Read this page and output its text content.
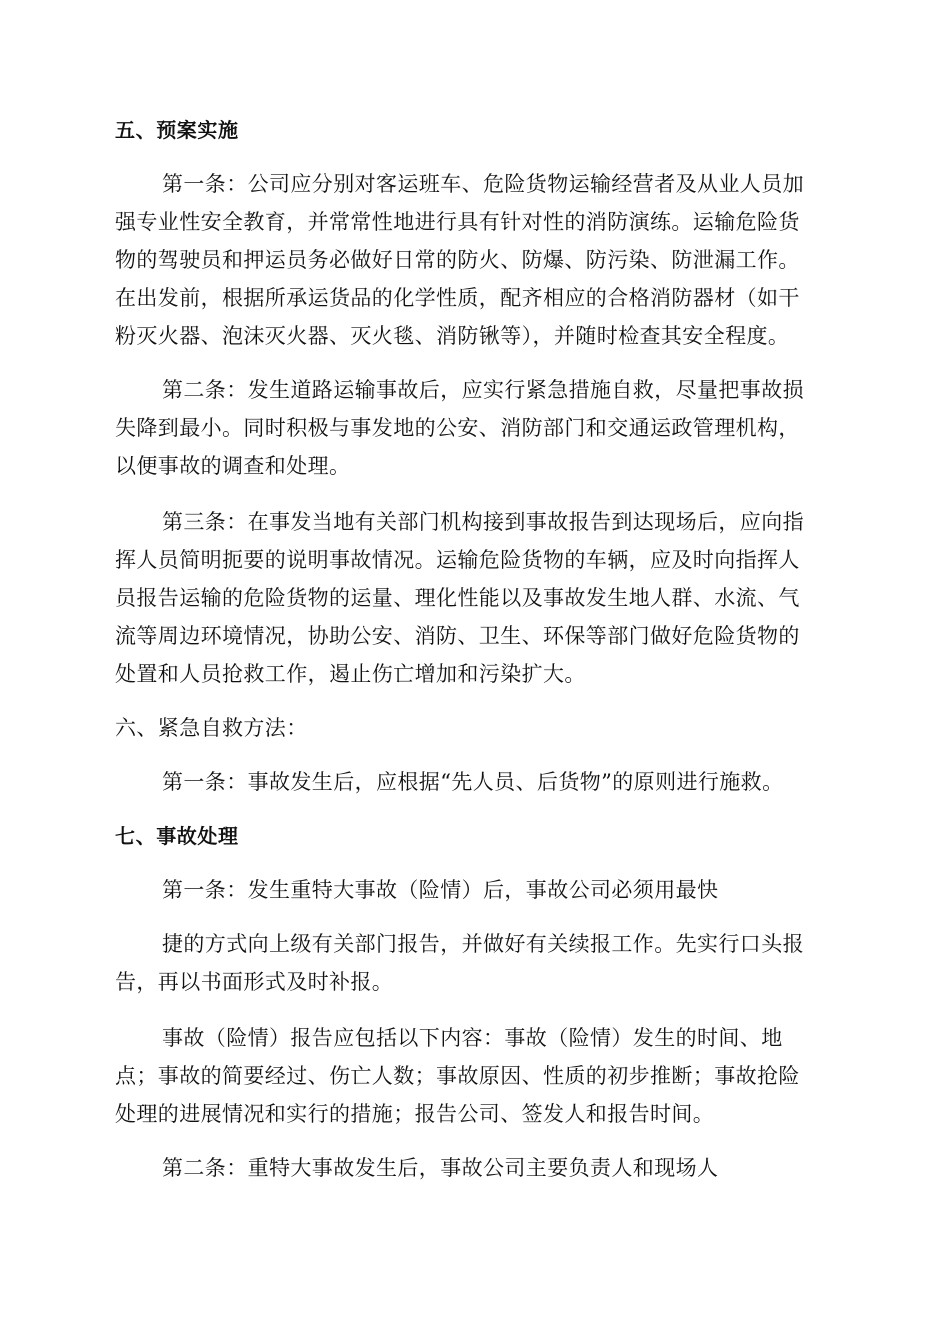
五、预案实施
第一条：公司应分别对客运班车、危险货物运输经营者及从业人员加
强专业性安全教育，并常常性地进行具有针对性的消防演练。运输危险货
物的驾驶员和押运员务必做好日常的防火、防爆、防污染、防泄漏工作。
在出发前，根据所承运货品的化学性质，配齐相应的合格消防器材（如干
粉灭火器、泡沫灭火器、灭火毯、消防锹等），并随时检查其安全程度。
第二条：发生道路运输事故后，应实行紧急措施自救，尽量把事故损
失降到最小。同时积极与事发地的公安、消防部门和交通运政管理机构，
以便事故的调查和处理。
第三条：在事发当地有关部门机构接到事故报告到达现场后，应向指
挥人员简明扼要的说明事故情况。运输危险货物的车辆，应及时向指挥人
员报告运输的危险货物的运量、理化性能以及事故发生地人群、水流、气
流等周边环境情况，协助公安、消防、卫生、环保等部门做好危险货物的
处置和人员抢救工作，遏止伤亡增加和污染扩大。
六、紧急自救方法：
第一条：事故发生后，应根据“先人员、后货物”的原则进行施救。
七、事故处理
第一条：发生重特大事故（险情）后，事故公司必须用最快
捷的方式向上级有关部门报告，并做好有关续报工作。先实行口头报
告，再以书面形式及时补报。
事故（险情）报告应包括以下内容：事故（险情）发生的时间、地
点；事故的简要经过、伤亡人数；事故原因、性质的初步推断；事故抢险
处理的进展情况和实行的措施；报告公司、签发人和报告时间。
第二条：重特大事故发生后，事故公司主要负责人和现场人
